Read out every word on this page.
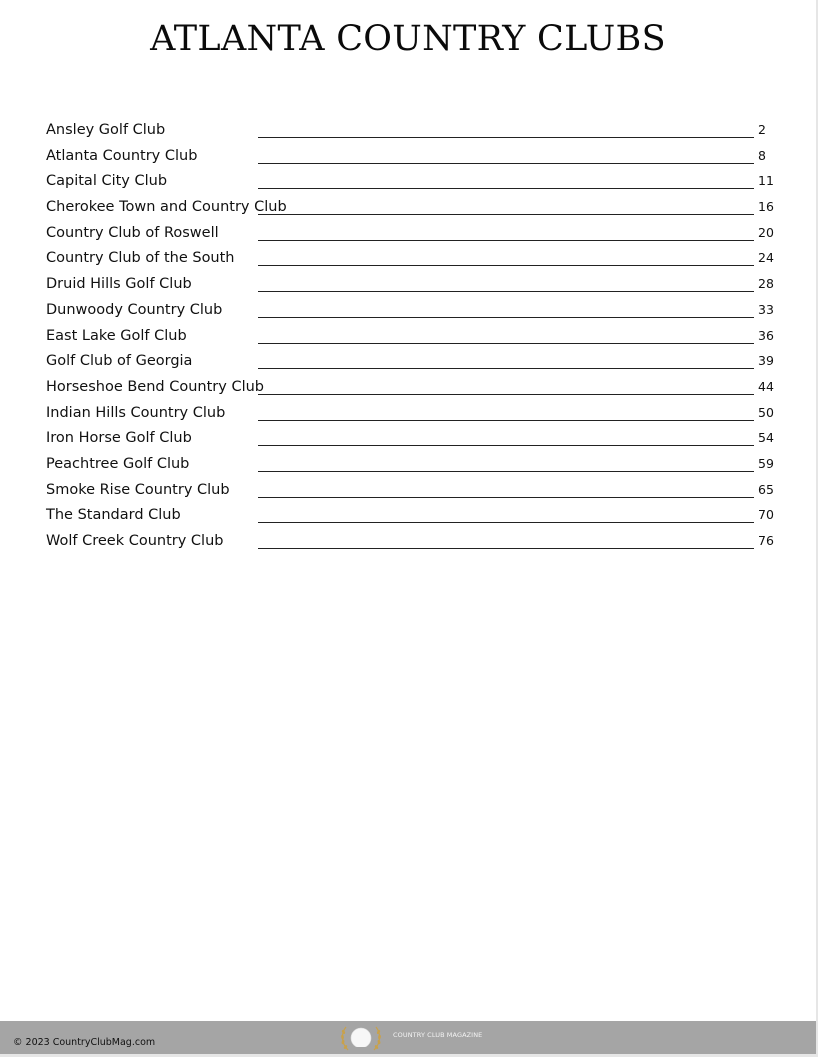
ATLANTA COUNTRY CLUBS
Ansley Golf Club	2
Atlanta Country Club	8
Capital City Club	11
Cherokee Town and Country Club	16
Country Club of Roswell	20
Country Club of the South	24
Druid Hills Golf Club	28
Dunwoody Country Club	33
East Lake Golf Club	36
Golf Club of Georgia	39
Horseshoe Bend Country Club	44
Indian Hills Country Club	50
Iron Horse Golf Club	54
Peachtree Golf Club	59
Smoke Rise Country Club	65
The Standard Club	70
Wolf Creek Country Club	76
© 2023 CountryClubMag.com
COUNTRY CLUB MAGAZINE
